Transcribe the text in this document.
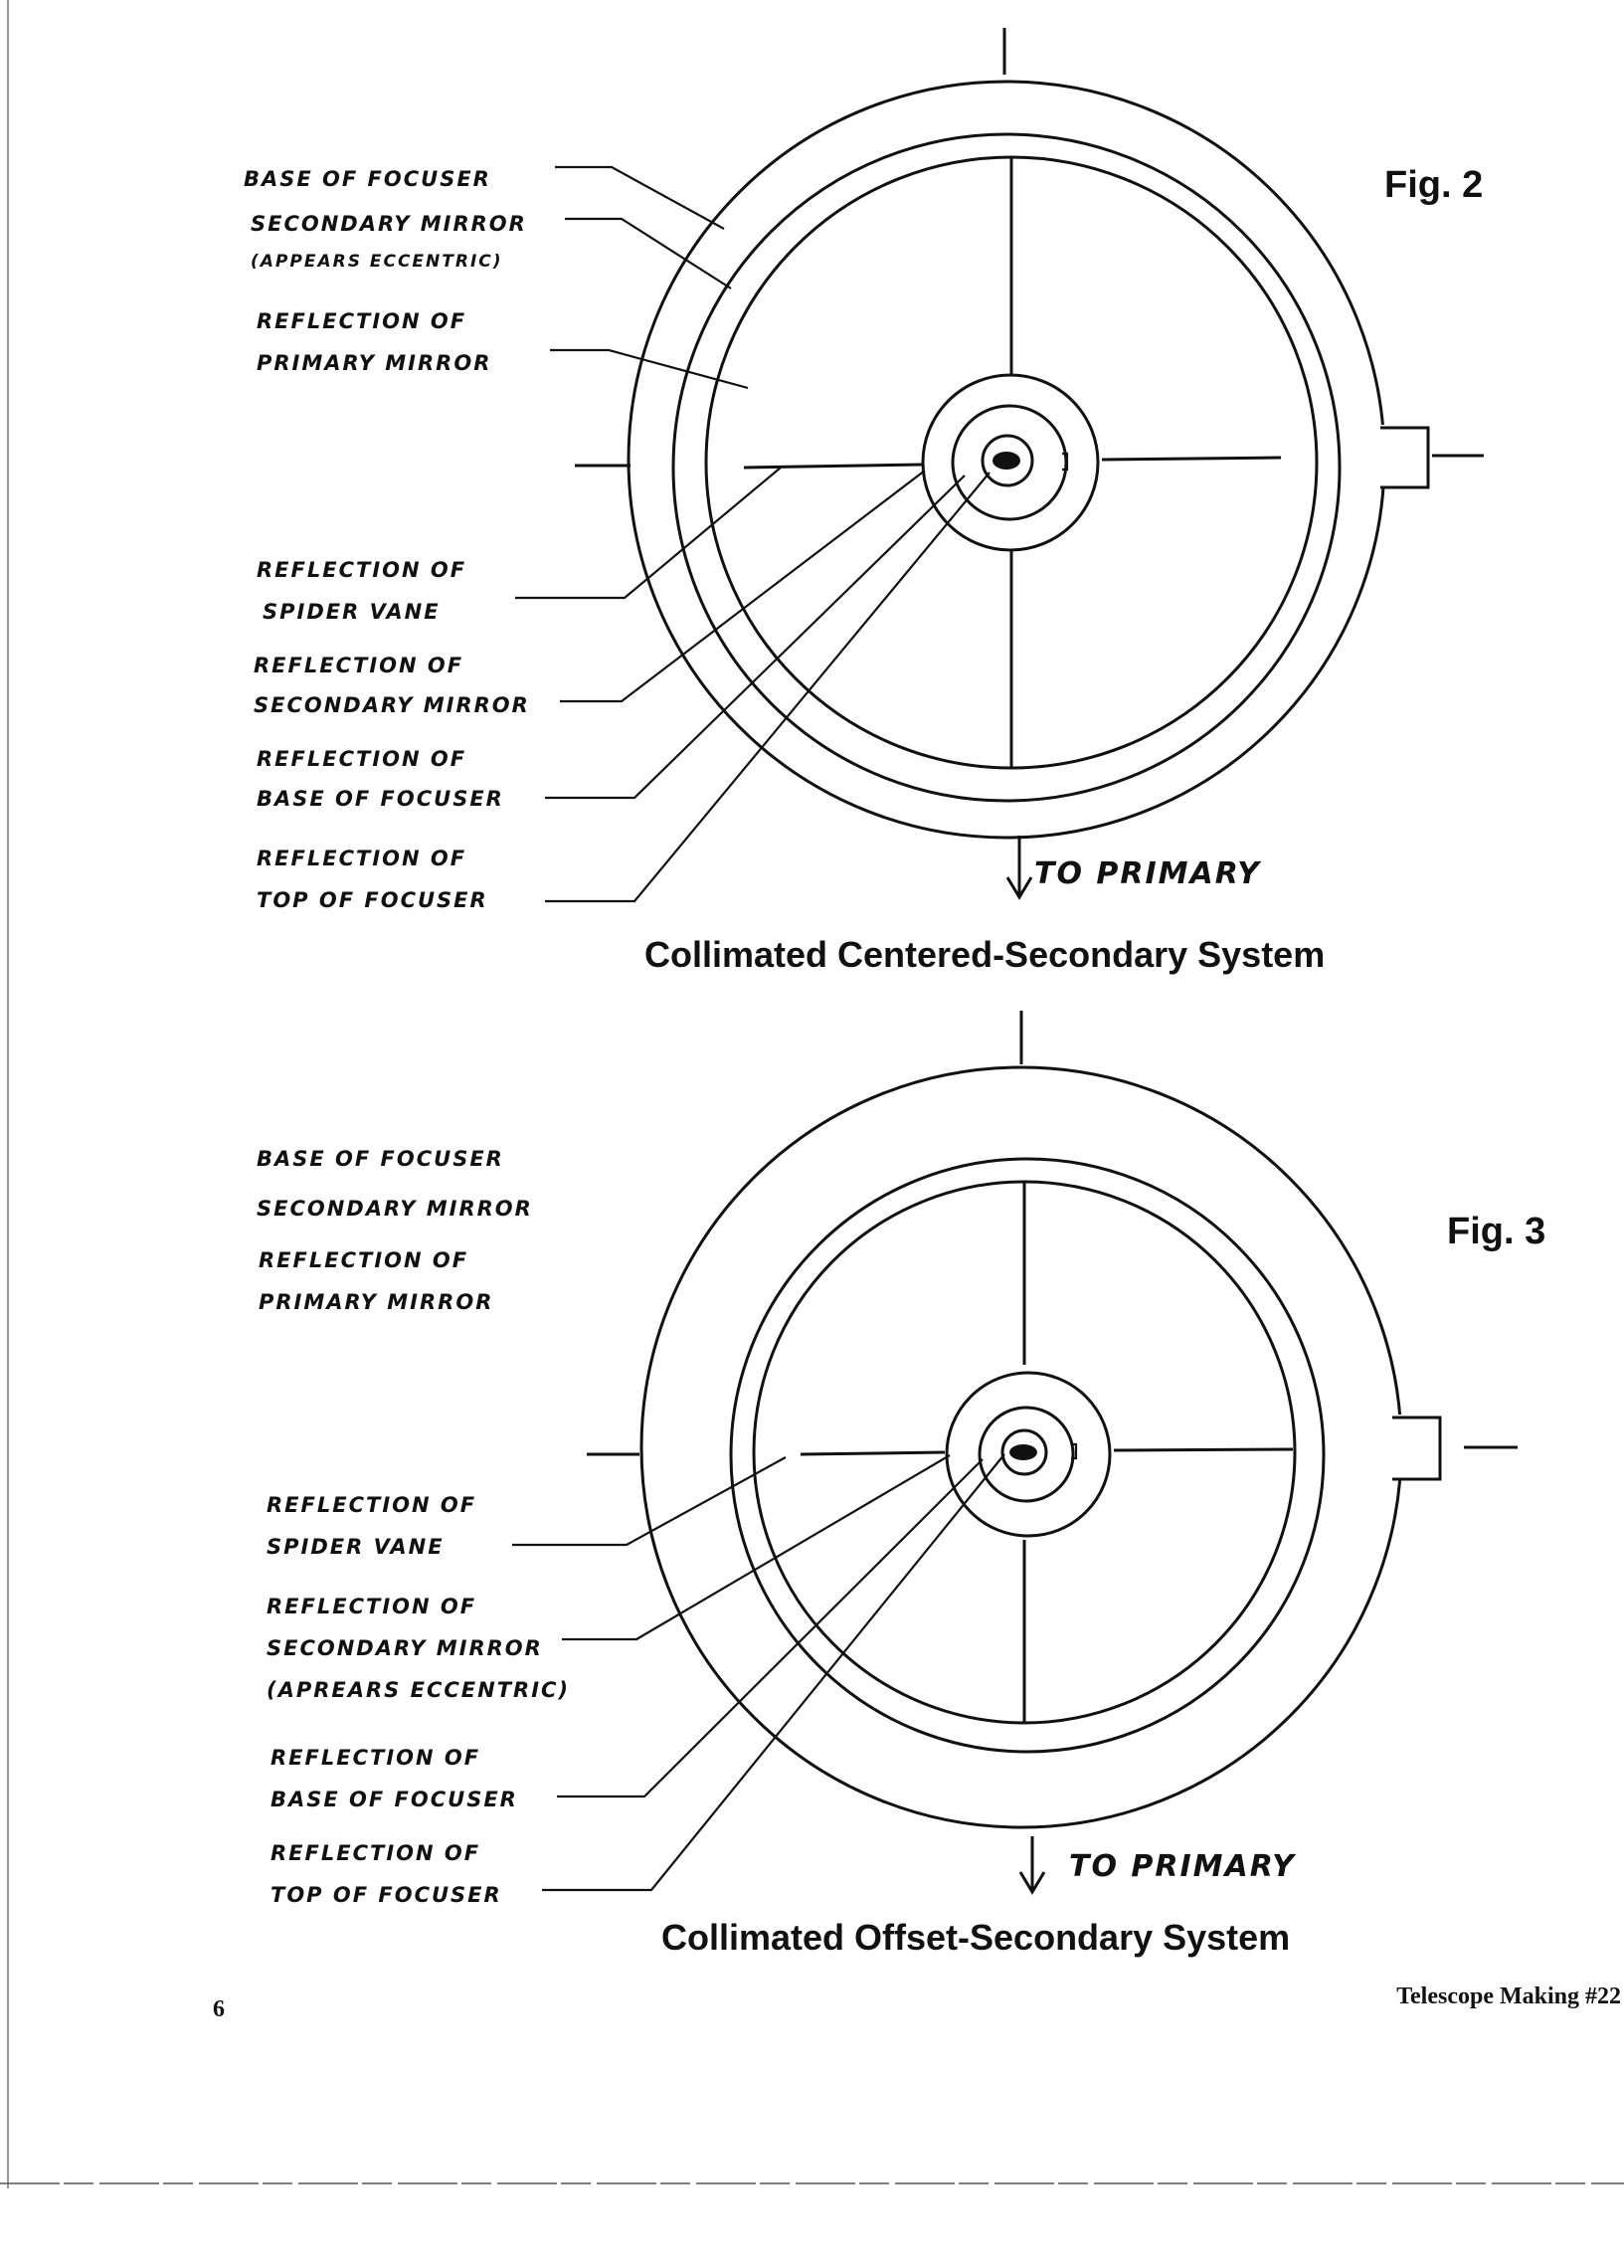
BASE OF FOCUSER
SECONDARY MIRROR (APPEARS ECCENTRIC)
REFLECTION OF PRIMARY MIRROR
REFLECTION OF SPIDER VANE
REFLECTION OF SECONDARY MIRROR
REFLECTION OF BASE OF FOCUSER
REFLECTION OF TOP OF FOCUSER
TO PRIMARY
Fig. 2
Collimated Centered-Secondary System
BASE OF FOCUSER
SECONDARY MIRROR
REFLECTION OF PRIMARY MIRROR
REFLECTION OF SPIDER VANE
REFLECTION OF SECONDARY MIRROR (APREARS ECCENTRIC)
REFLECTION OF BASE OF FOCUSER
REFLECTION OF TOP OF FOCUSER
TO PRIMARY
Fig. 3
Collimated Offset-Secondary System
6	Telescope Making #22
